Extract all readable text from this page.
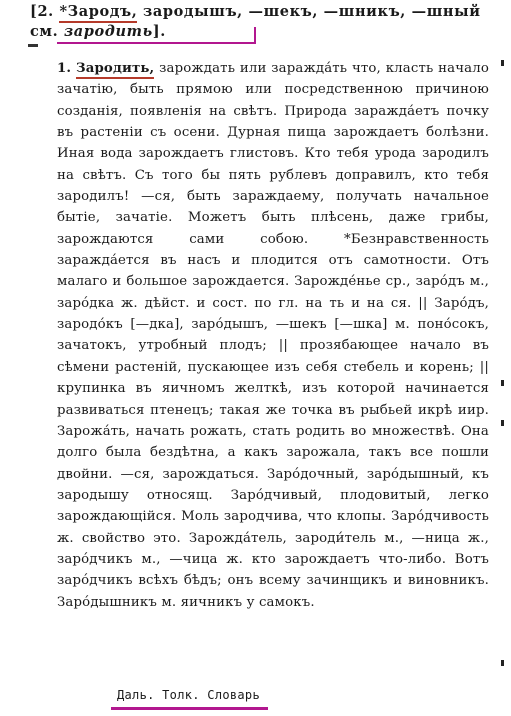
[2. *Зародъ,
зародышъ, —шекъ, —шникъ, —шный см. зародить].
1. Зародить, зарождать или заражда́ть что, класть начало зачатію, быть прямою или посредственною причиною созданія, появленія на свѣтъ. Природа заражда́етъ почку въ растеніи съ осени. Дурная пища зарождаетъ болѣзни. Иная вода зарождаетъ глистовъ. Кто тебя урода зародилъ на свѣтъ. Съ того бы пять рублевъ доправилъ, кто тебя зародилъ! —ся, быть зараждаему, получать начальное бытіе, зачатіе. Можетъ быть плѣсень, даже грибы, зарождаются сами собою. *Безнравственность заражда́ется въ насъ и плодится отъ самотности. Отъ малаго и большое зарождается. Зарожде́нье ср., зарóдъ м., зарóдка ж. дѣйст. и сост. по гл. на ть и на ся. || Заро́дъ, зародо́къ [—дка], зарóдышъ, —шекъ [—шка] м. поно́сокъ, зачатокъ, утробный плодъ; || прозябающее начало въ сѣмени растеній, пускающее изъ себя стебель и корень; || крупинка въ яичномъ желткѣ, изъ которой начинается развиваться птенецъ; такая же точка въ рыбьей икрѣ иир. Зарожа́ть, начать рожать, стать родить во множествѣ. Она долго была бездѣтна, а какъ зарожала, такъ все пошли двойни. —ся, зарождаться. Зарóдочный, зарóдышный, къ зародышу относящ. Зарóдчивый, плодовитый, легко зарождающійся. Моль зародчива, что клопы. Зарóдчивость ж. свойство это. Зарожда́тель, зароди́тель м., —ница ж., зарóдчикъ м., —чица ж. кто зарождаетъ что-либо. Вотъ зарóдчикъ всѣхъ бѣдъ; онъ всему зачинщикъ и виновникъ. Зарóдышникъ м. яичникъ у самокъ.
Даль. Толк. Словарь
